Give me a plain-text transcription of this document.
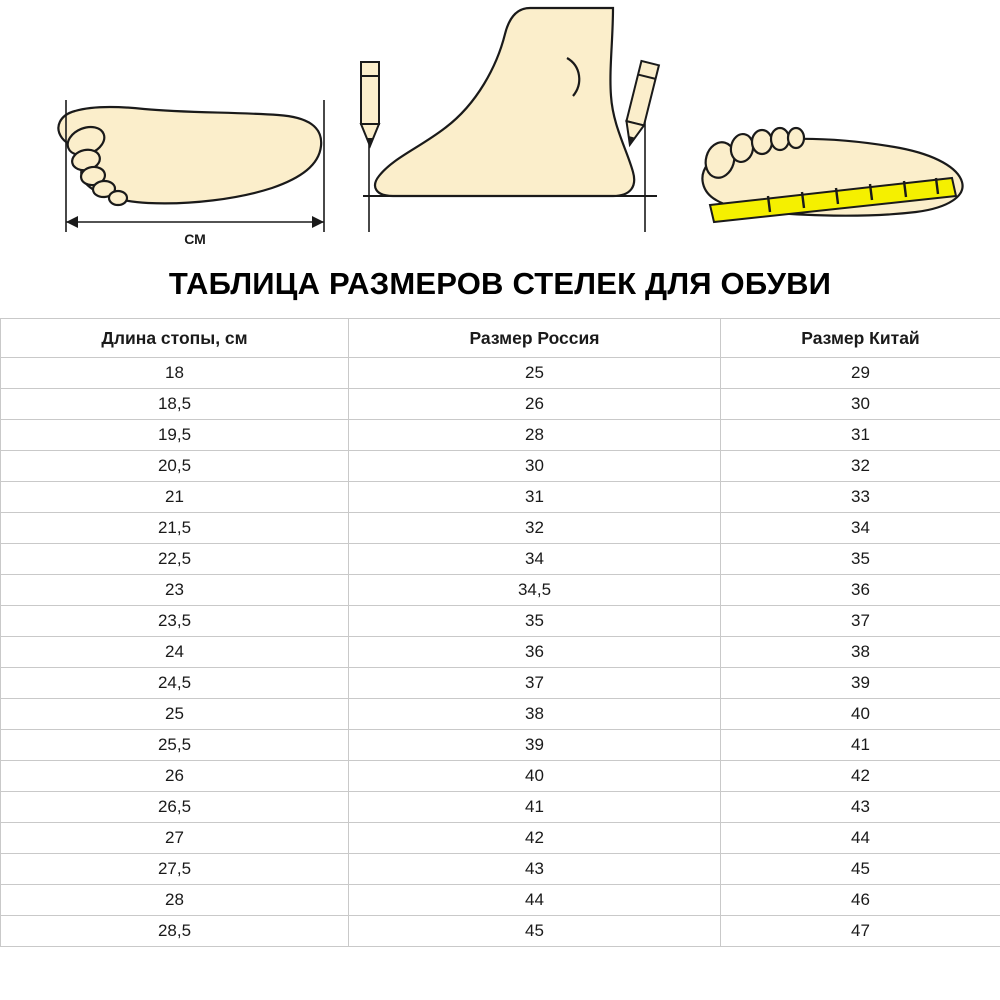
СМ
ТАБЛИЦА РАЗМЕРОВ СТЕЛЕК ДЛЯ ОБУВИ
Длина стопы, см	Размер Россия	Размер Китай
18	25	29
18,5	26	30
19,5	28	31
20,5	30	32
21	31	33
21,5	32	34
22,5	34	35
23	34,5	36
23,5	35	37
24	36	38
24,5	37	39
25	38	40
25,5	39	41
26	40	42
26,5	41	43
27	42	44
27,5	43	45
28	44	46
28,5	45	47
